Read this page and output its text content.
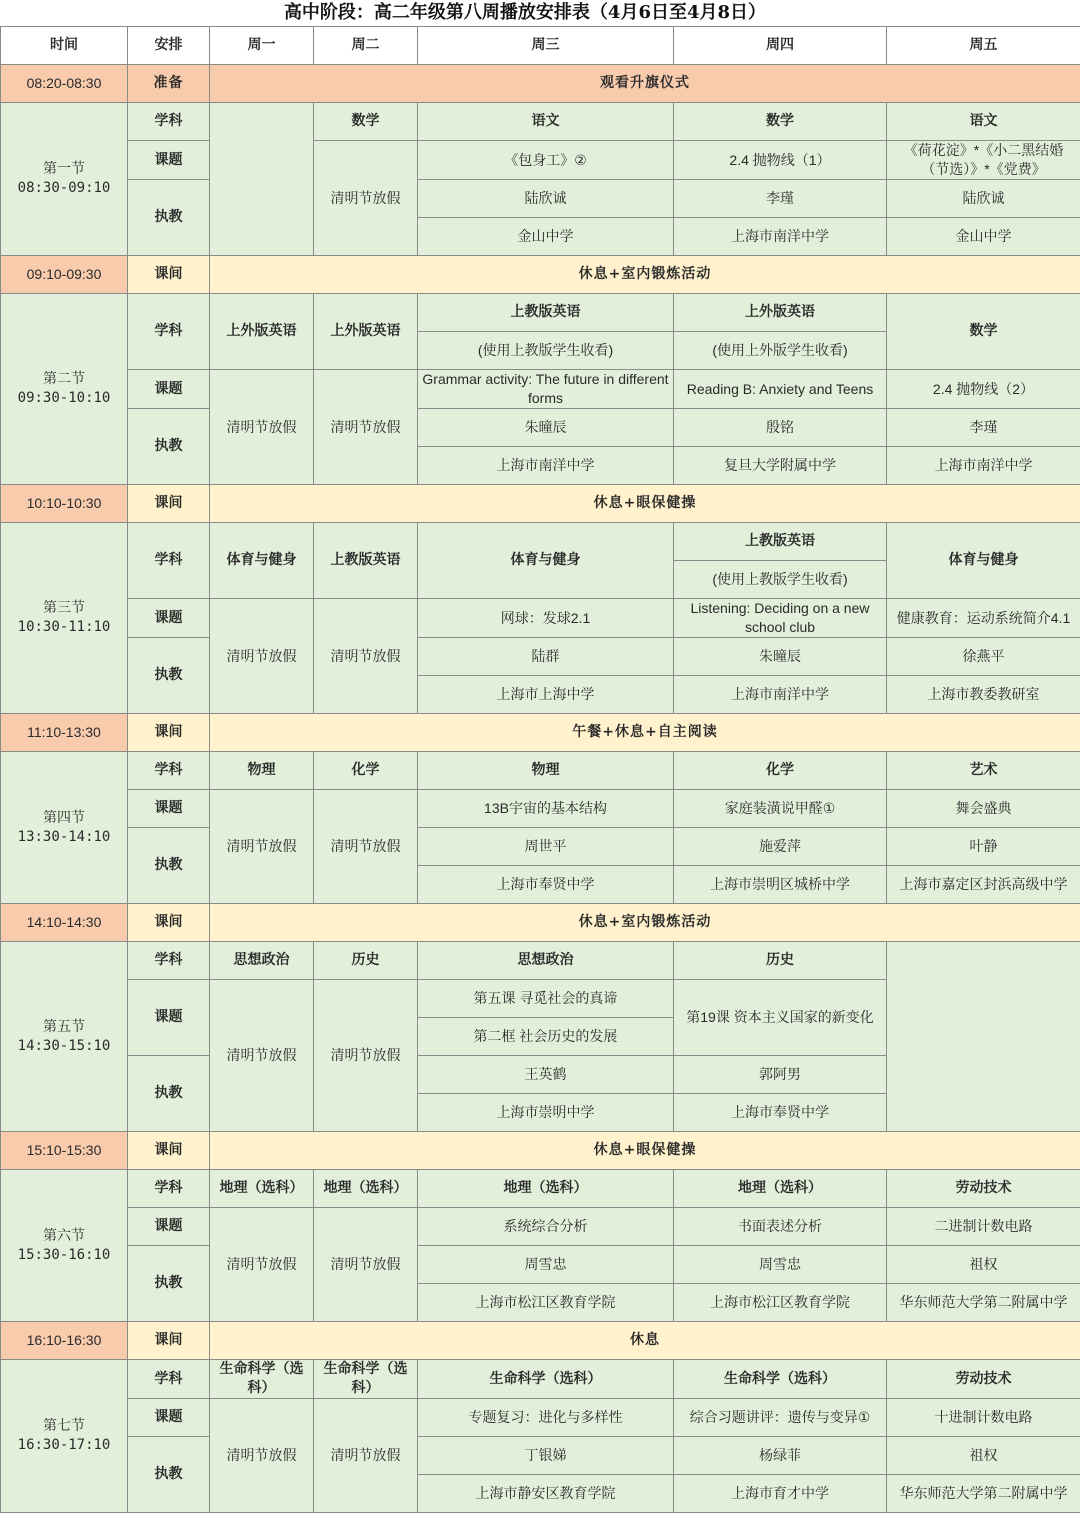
高中阶段：高二年级第八周播放安排表（4月6日至4月8日）
时间	安排	周一	周二	周三	周四	周五
08:20-08:30	准备	观看升旗仪式				

第一节
08:30-09:10	学科		数学	语文	数学	语文
	课题		清明节放假	《包身工》②	2.4 抛物线（1）	《荷花淀》*《小二黑结婚（节选）》*《党费》
	执教			陆欣诚	李瑾	陆欣诚
				金山中学	上海市南洋中学	金山中学
09:10-09:30	课间	休息+室内锻炼活动				

第二节
09:30-10:10	学科	上外版英语	上外版英语	上教版英语	上外版英语	数学
				(使用上教版学生收看)	(使用上外版学生收看)	
	课题	清明节放假	清明节放假	Grammar activity: The future in different forms	Reading B: Anxiety and Teens	2.4 抛物线（2）
	执教			朱曈辰	殷铭	李瑾
				上海市南洋中学	复旦大学附属中学	上海市南洋中学
10:10-10:30	课间	休息+眼保健操				

第三节
10:30-11:10	学科	体育与健身	上教版英语	体育与健身	上教版英语	体育与健身
					(使用上教版学生收看)	
	课题	清明节放假	清明节放假	网球：发球2.1	Listening: Deciding on a new school club	健康教育：运动系统简介4.1
	执教			陆群	朱曈辰	徐燕平
				上海市上海中学	上海市南洋中学	上海市教委教研室
11:10-13:30	课间	午餐+休息+自主阅读				

第四节
13:30-14:10	学科	物理	化学	物理	化学	艺术
	课题	清明节放假	清明节放假	13B宇宙的基本结构	家庭装潢说甲醛①	舞会盛典
	执教			周世平	施爱萍	叶静
				上海市奉贤中学	上海市崇明区城桥中学	上海市嘉定区封浜高级中学
14:10-14:30	课间	休息+室内锻炼活动				

第五节
14:30-15:10	学科	思想政治	历史	思想政治	历史	
	课题	清明节放假	清明节放假	第五课 寻觅社会的真谛	第19课 资本主义国家的新变化	
				第二框 社会历史的发展		
	执教			王英鹤	郭阿男	
				上海市崇明中学	上海市奉贤中学	
15:10-15:30	课间	休息+眼保健操				

第六节
15:30-16:10	学科	地理（选科）	地理（选科）	地理（选科）	地理（选科）	劳动技术
	课题	清明节放假	清明节放假	系统综合分析	书面表述分析	二进制计数电路
	执教			周雪忠	周雪忠	祖权
				上海市松江区教育学院	上海市松江区教育学院	华东师范大学第二附属中学
16:10-16:30	课间	休息				

第七节
16:30-17:10	学科	生命科学（选科）	生命科学（选科）	生命科学（选科）	生命科学（选科）	劳动技术
	课题	清明节放假	清明节放假	专题复习：进化与多样性	综合习题讲评：遗传与变异①	十进制计数电路
	执教			丁银娣	杨绿菲	祖权
				上海市静安区教育学院	上海市育才中学	华东师范大学第二附属中学
